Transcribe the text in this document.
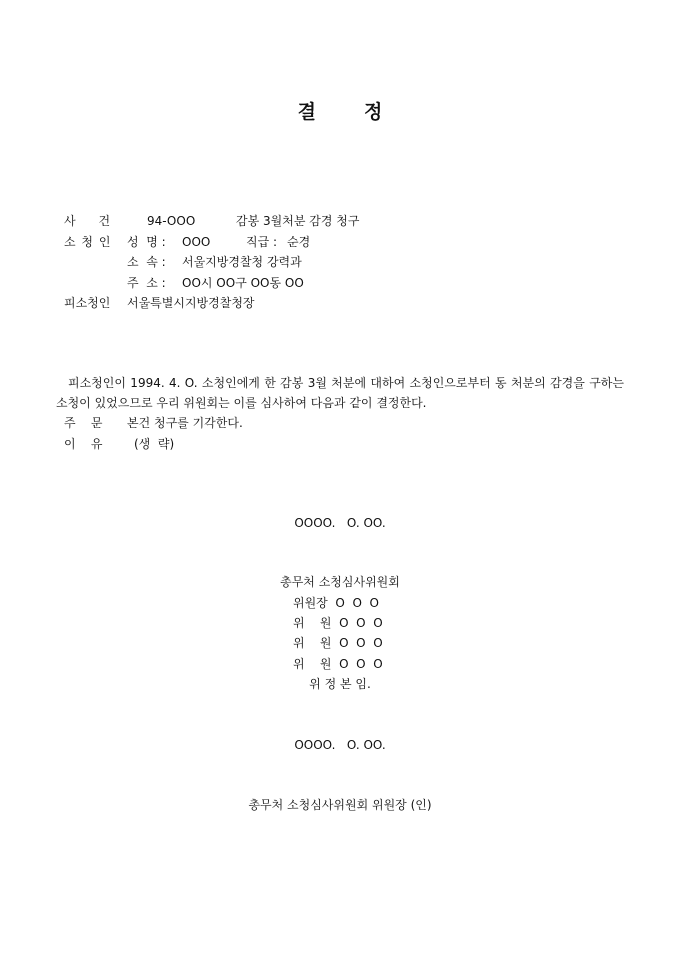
결	정
사      건	94-OOO	감봉 3월처분 감경 청구
소 청 인 성  명 : OOO	직급 : 순경
소  속 : 서울지방경찰청 강력과
주  소 : OO시 OO구 OO동 OO
피소청인 서울특별시지방경찰청장
피소청인이 1994. 4. O. 소청인에게 한 감봉 3월 처분에 대하여 소청인으로부터 동 처분의 감경을 구하는 소청이 있었으므로 우리 위원회는 이를 심사하여 다음과 같이 결정한다.
주    문 본건 청구를 기각한다.
이    유	(생  략)
OOOO.   O. OO.
총무처 소청심사위원회
위원장  O  O  O
위    원  O  O  O
위    원  O  O  O
위    원  O  O  O
위 정 본 임.
OOOO.   O. OO.
총무처 소청심사위원회 위원장 (인)
